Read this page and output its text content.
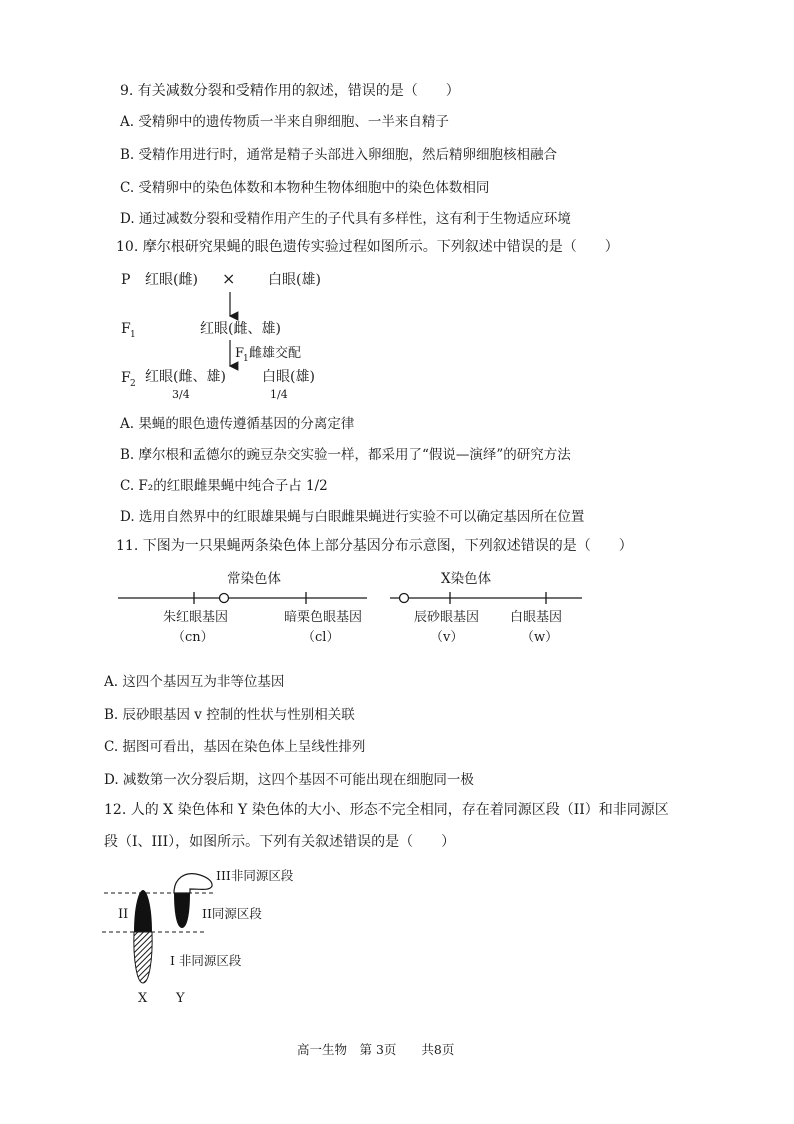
9. 有关减数分裂和受精作用的叙述，错误的是（　　）
A. 受精卵中的遗传物质一半来自卵细胞、一半来自精子
B. 受精作用进行时，通常是精子头部进入卵细胞，然后精卵细胞核相融合
C. 受精卵中的染色体数和本物种生物体细胞中的染色体数相同
D. 通过减数分裂和受精作用产生的子代具有多样性，这有利于生物适应环境
10. 摩尔根研究果蝇的眼色遗传实验过程如图所示。下列叙述中错误的是（　　）
P 红眼(雌) × 白眼(雄)
F 1	红眼(雌、雄)
F
1 雌雄交配
F 2 红眼(雌、雄)
3/4
白眼(雄)
1/4
A. 果蝇的眼色遗传遵循基因的分离定律
B. 摩尔根和孟德尔的豌豆杂交实验一样，都采用了“假说—演绎”的研究方法
C. F₂的红眼雌果蝇中纯合子占 1/2
D. 选用自然界中的红眼雄果蝇与白眼雌果蝇进行实验不可以确定基因所在位置
11. 下图为一只果蝇两条染色体上部分基因分布示意图，下列叙述错误的是（　　）
常染色体
朱红眼基因
（cn）
暗栗色眼基因
（cl）
X染色体
辰砂眼基因
（v）
白眼基因
（w）
A. 这四个基因互为非等位基因
B. 辰砂眼基因 v 控制的性状与性别相关联
C. 据图可看出，基因在染色体上呈线性排列
D. 减数第一次分裂后期，这四个基因不可能出现在细胞同一极
12. 人的 X 染色体和 Y 染色体的大小、形态不完全相同，存在着同源区段（II）和非同源区
段（I、III），如图所示。下列有关叙述错误的是（　　）
III非同源区段
II	II同源区段
I 非同源区段
X Y
高一生物　第 3页　　共8页
